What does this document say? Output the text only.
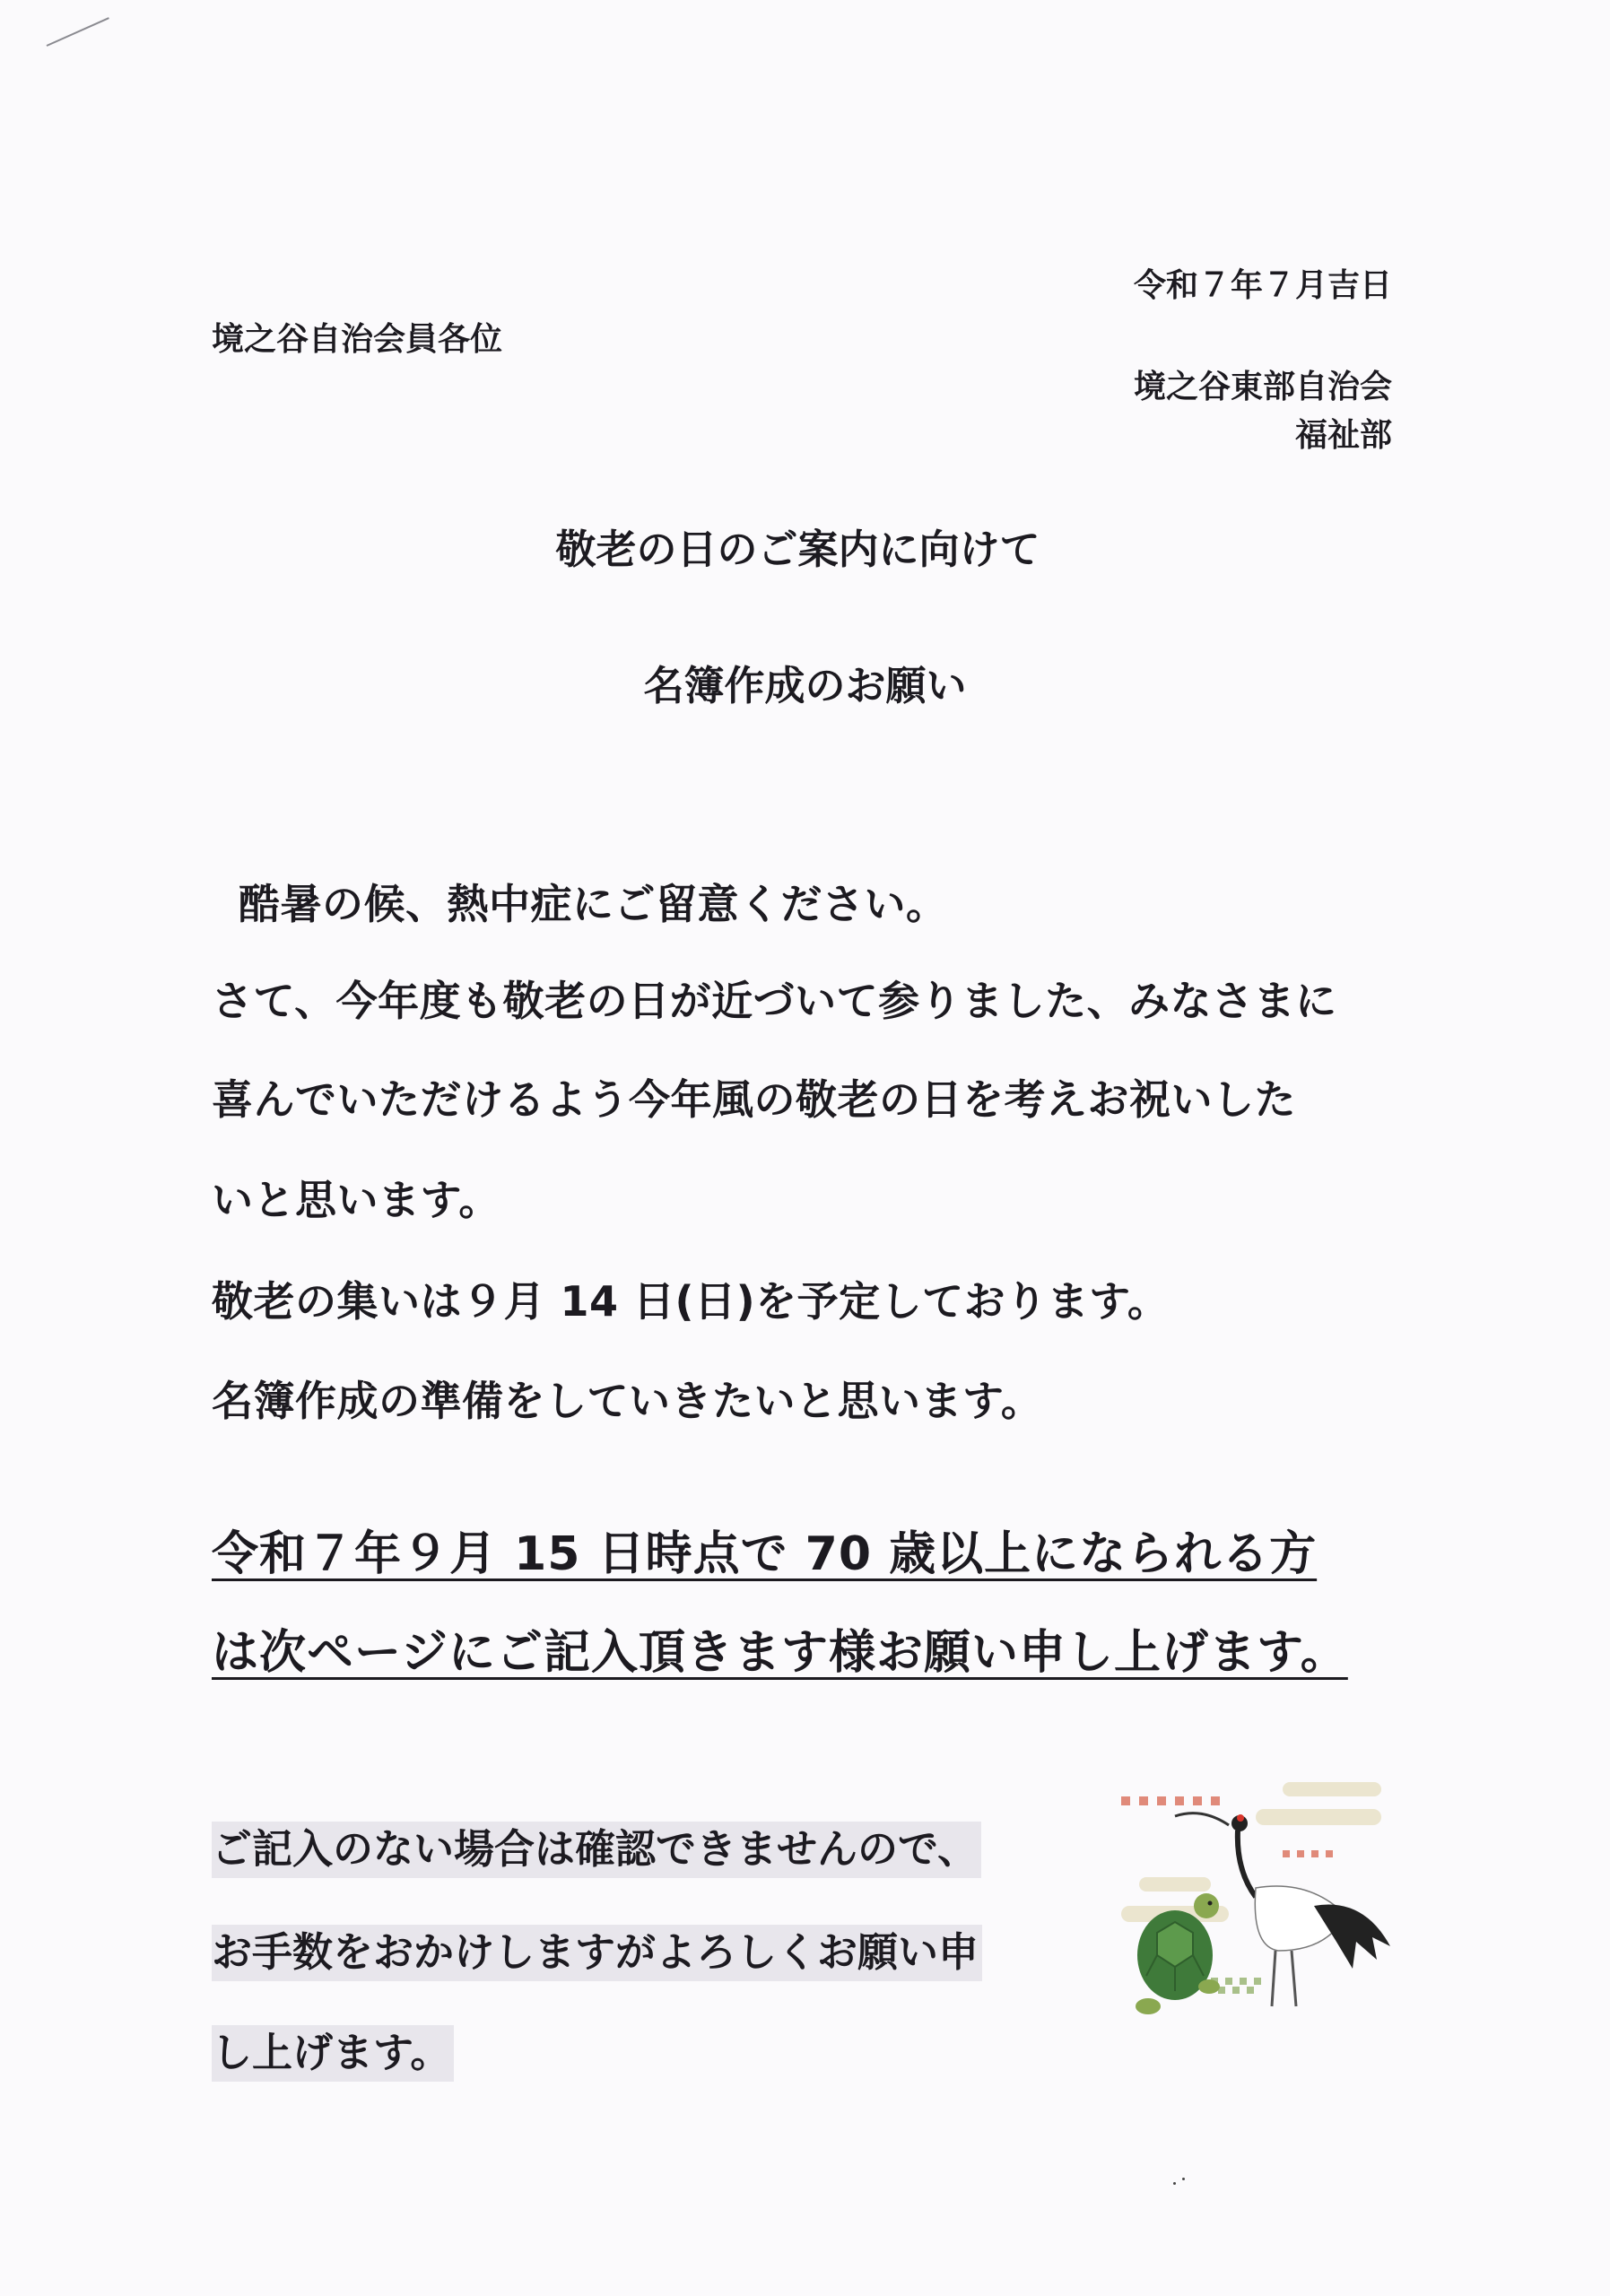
令和７年７月吉日
境之谷自治会員各位
境之谷東部自治会
福祉部
敬老の日のご案内に向けて
名簿作成のお願い
酷暑の候、熱中症にご留意ください。
さて、今年度も敬老の日が近づいて参りました、みなさまに
喜んでいただけるよう今年風の敬老の日を考えお祝いした
いと思います。
敬老の集いは９月 14 日(日)を予定しております。
名簿作成の準備をしていきたいと思います。
令和７年９月 15 日時点で 70 歳以上になられる方
は次ページにご記入頂きます様お願い申し上げます。
ご記入のない場合は確認できませんので、
お手数をおかけしますがよろしくお願い申
し上げます。
